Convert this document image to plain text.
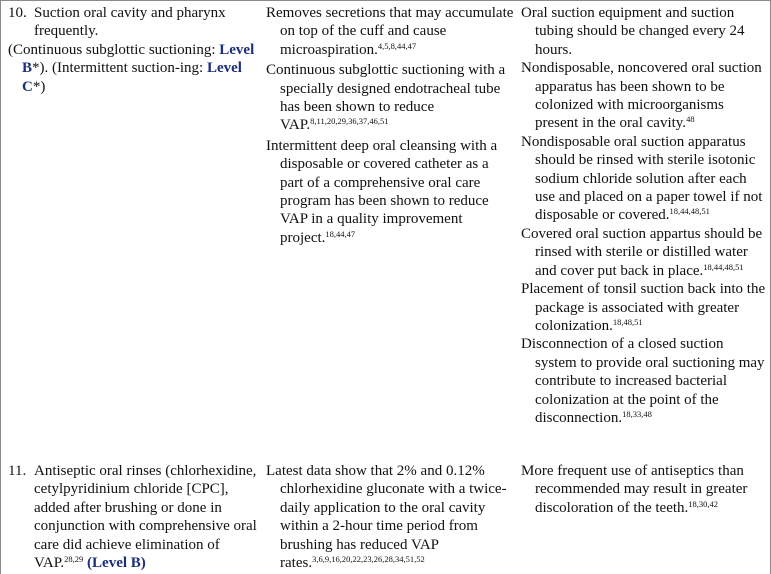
10. Suction oral cavity and pharynx frequently.

(Continuous subglottic suctioning: Level B*). (Intermittent suction-ing: Level C*)

Removes secretions that may accumulate on top of the cuff and cause microaspiration.$^{4,5,8,44,47}$

Continuous subglottic suctioning with a specially designed endotracheal tube has been shown to reduce VAP.$^{8,11,20,29,36,37,46,51}$

Intermittent deep oral cleansing with a disposable or covered catheter as a part of a comprehensive oral care program has been shown to reduce VAP in a quality improvement project.$^{18,44,47}$

Oral suction equipment and suction tubing should be changed every 24 hours.

Nondisposable, noncovered oral suction apparatus has been shown to be colonized with microorganisms present in the oral cavity.$^{48}$

Nondisposable oral suction apparatus should be rinsed with sterile isotonic sodium chloride solution after each use and placed on a paper towel if not disposable or covered.$^{18,44,48,51}$

Covered oral suction appartus should be rinsed with sterile or distilled water and cover put back in place.$^{18,44,48,51}$

Placement of tonsil suction back into the package is associated with greater colonization.$^{18,48,51}$

Disconnection of a closed suction system to provide oral suctioning may contribute to increased bacterial colonization at the point of the disconnection.$^{18,33,48}$

11. Antiseptic oral rinses (chlorhexidine, cetylpyridinium chloride [CPC], added after brushing or done in conjunction with comprehensive oral care did achieve elimination of VAP.$^{28,29}$ (Level B)

Latest data show that 2% and 0.12% chlorhexidine gluconate with a twice-daily application to the oral cavity within a 2-hour time period from brushing has reduced VAP rates.$^{3,6,9,16,20,22,23,26,28,34,51,52}$

More frequent use of antiseptics than recommended may result in greater discoloration of the teeth.$^{18,30,42}$
